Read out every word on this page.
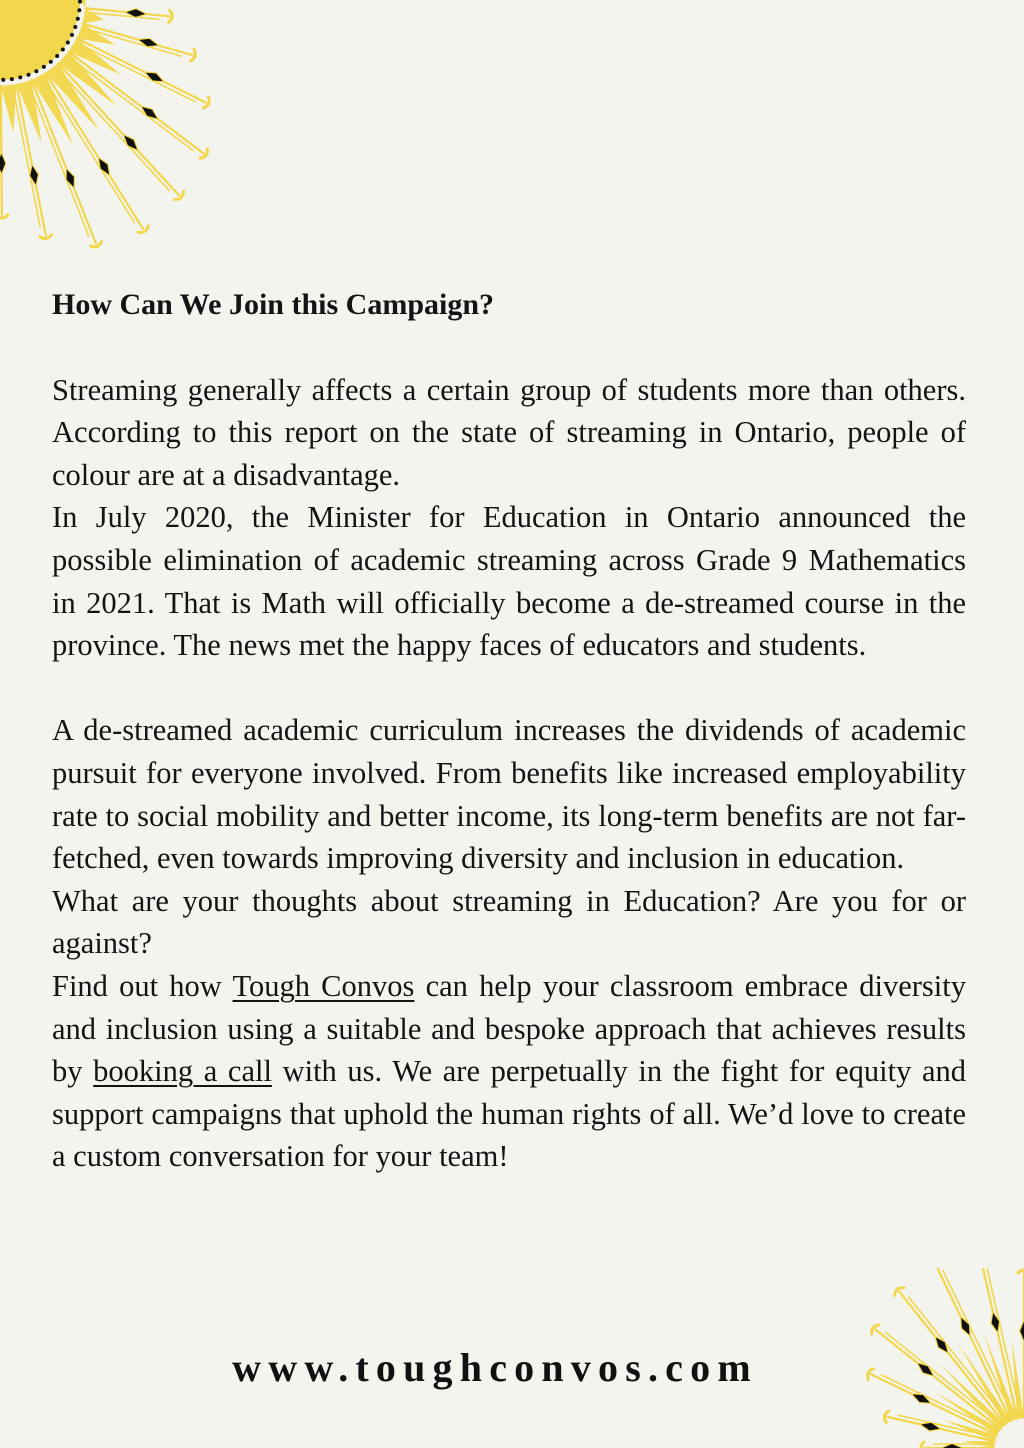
How Can We Join this Campaign?

Streaming generally affects a certain group of students more than others. According to this report on the state of streaming in Ontario, people of colour are at a disadvantage.

In July 2020, the Minister for Education in Ontario announced the possible elimination of academic streaming across Grade 9 Mathematics in 2021. That is Math will officially become a de-streamed course in the province. The news met the happy faces of educators and students.

A de-streamed academic curriculum increases the dividends of academic pursuit for everyone involved. From benefits like increased employability rate to social mobility and better income, its long-term benefits are not far-fetched, even towards improving diversity and inclusion in education.

What are your thoughts about streaming in Education? Are you for or against?

Find out how Tough Convos can help your classroom embrace diversity and inclusion using a suitable and bespoke approach that achieves results by booking a call with us. We are perpetually in the fight for equity and support campaigns that uphold the human rights of all. We’d love to create a custom conversation for your team!

www.toughconvos.com
